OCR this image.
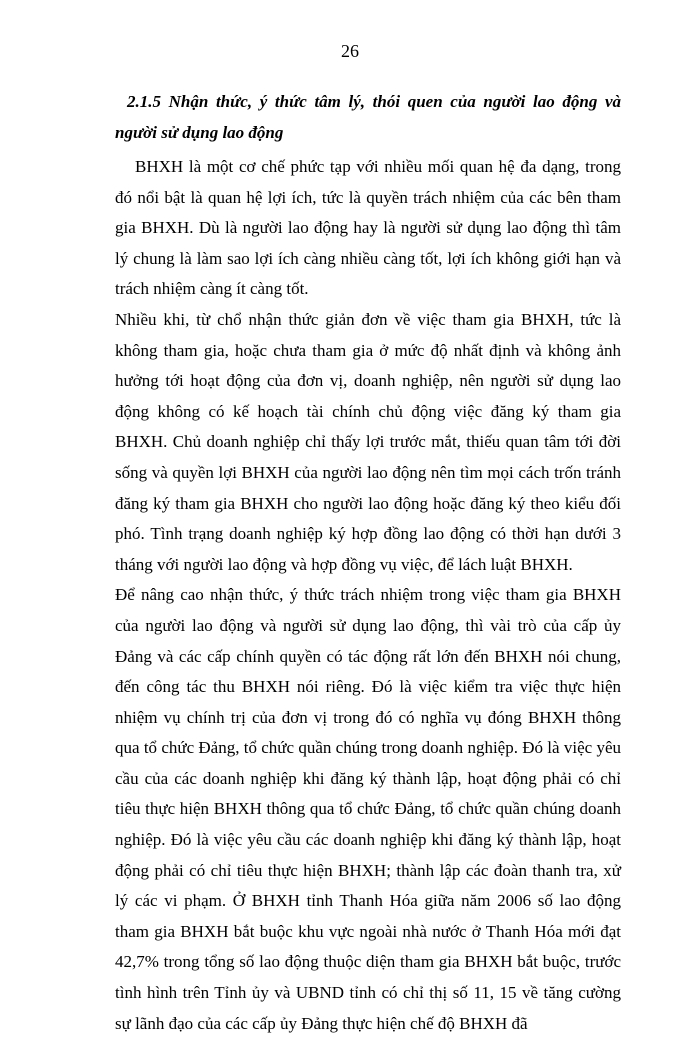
26

2.1.5 Nhận thức, ý thức tâm lý, thói quen của người lao động và người sử dụng lao động

BHXH là một cơ chế phức tạp với nhiều mối quan hệ đa dạng, trong đó nổi bật là quan hệ lợi ích, tức là quyền trách nhiệm của các bên tham gia BHXH. Dù là người lao động hay là người sử dụng lao động thì tâm lý chung là làm sao lợi ích càng nhiều càng tốt, lợi ích không giới hạn và trách nhiệm càng ít càng tốt.

Nhiều khi, từ chổ nhận thức giản đơn về việc tham gia BHXH, tức là không tham gia, hoặc chưa tham gia ở mức độ nhất định và không ảnh hưởng tới hoạt động của đơn vị, doanh nghiệp, nên người sử dụng lao động không có kế hoạch tài chính chủ động việc đăng ký tham gia BHXH. Chủ doanh nghiệp chỉ thấy lợi trước mắt, thiếu quan tâm tới đời sống và quyền lợi BHXH của người lao động nên tìm mọi cách trốn tránh đăng ký tham gia BHXH cho người lao động hoặc đăng ký theo kiểu đối phó. Tình trạng doanh nghiệp ký hợp đồng lao động có thời hạn dưới 3 tháng với người lao động và hợp đồng vụ việc, để lách luật BHXH.

Để nâng cao nhận thức, ý thức trách nhiệm trong việc tham gia BHXH của người lao động và người sử dụng lao động, thì vài trò của cấp ủy Đảng và các cấp chính quyền có tác động rất lớn đến BHXH nói chung, đến công tác thu BHXH nói riêng. Đó là việc kiểm tra việc thực hiện nhiệm vụ chính trị của đơn vị trong đó có nghĩa vụ đóng BHXH thông qua tổ chức Đảng, tổ chức quần chúng trong doanh nghiệp. Đó là việc yêu cầu của các doanh nghiệp khi đăng ký thành lập, hoạt động phải có chỉ tiêu thực hiện BHXH thông qua tổ chức Đảng, tổ chức quần chúng doanh nghiệp. Đó là việc yêu cầu các doanh nghiệp khi đăng ký thành lập, hoạt động phải có chỉ tiêu thực hiện BHXH; thành lập các đoàn thanh tra, xử lý các vi phạm. Ở BHXH tỉnh Thanh Hóa giữa năm 2006 số lao động tham gia BHXH bắt buộc khu vực ngoài nhà nước ở Thanh Hóa mới đạt 42,7% trong tổng số lao động thuộc diện tham gia BHXH bắt buộc, trước tình hình trên Tỉnh ủy và UBND tỉnh có chỉ thị số 11, 15 về tăng cường sự lãnh đạo của các cấp ủy Đảng thực hiện chế độ BHXH đã
